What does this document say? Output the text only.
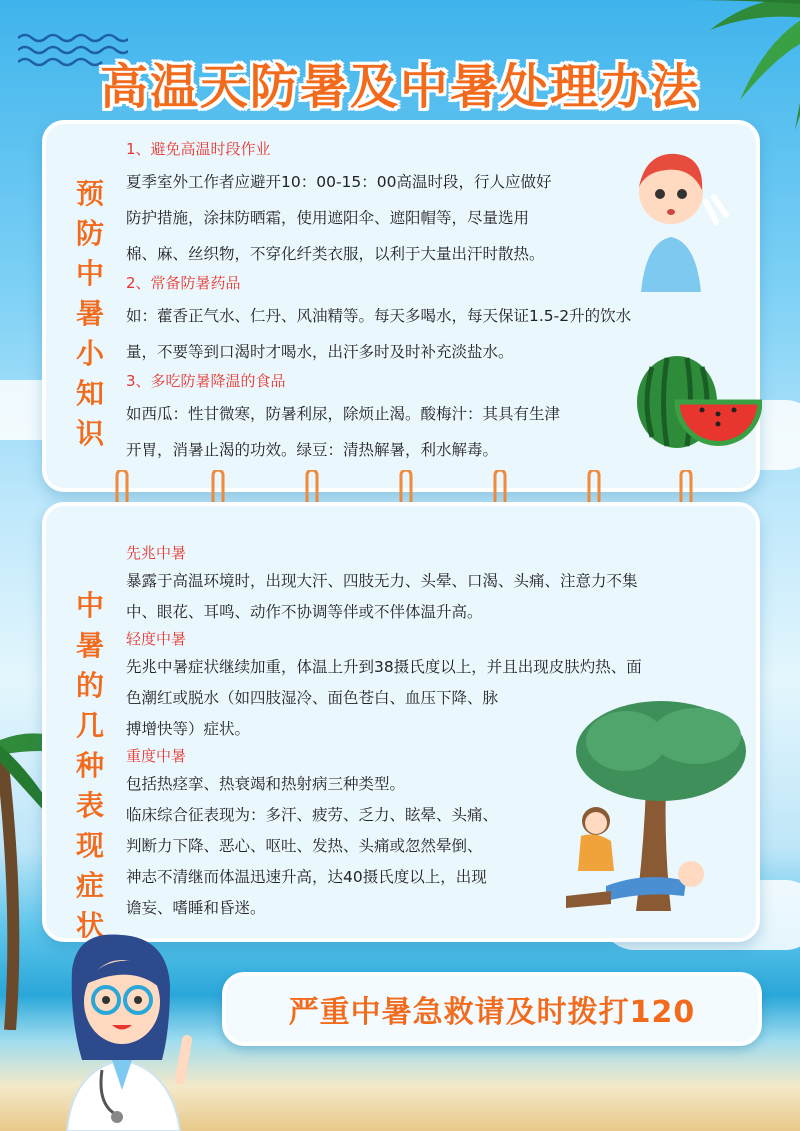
高温天防暑及中暑处理办法
预防中暑小知识
1、避免高温时段作业
夏季室外工作者应避开10：00-15：00高温时段，行人应做好
防护措施，涂抹防晒霜，使用遮阳伞、遮阳帽等，尽量选用
棉、麻、丝织物，不穿化纤类衣服，以利于大量出汗时散热。
2、常备防暑药品
如：藿香正气水、仁丹、风油精等。每天多喝水，每天保证1.5-2升的饮水
量，不要等到口渴时才喝水，出汗多时及时补充淡盐水。
3、多吃防暑降温的食品
如西瓜：性甘微寒，防暑利尿，除烦止渴。酸梅汁：其具有生津
开胃，消暑止渴的功效。绿豆：清热解暑，利水解毒。
中暑的几种表现症状
先兆中暑
暴露于高温环境时，出现大汗、四肢无力、头晕、口渴、头痛、注意力不集
中、眼花、耳鸣、动作不协调等伴或不伴体温升高。
轻度中暑
先兆中暑症状继续加重，体温上升到38摄氏度以上，并且出现皮肤灼热、面
色潮红或脱水（如四肢湿冷、面色苍白、血压下降、脉
搏增快等）症状。
重度中暑
包括热痉挛、热衰竭和热射病三种类型。
临床综合征表现为：多汗、疲劳、乏力、眩晕、头痛、
判断力下降、恶心、呕吐、发热、头痛或忽然晕倒、
神志不清继而体温迅速升高，达40摄氏度以上，出现
谵妄、嗜睡和昏迷。
严重中暑急救请及时拨打120
